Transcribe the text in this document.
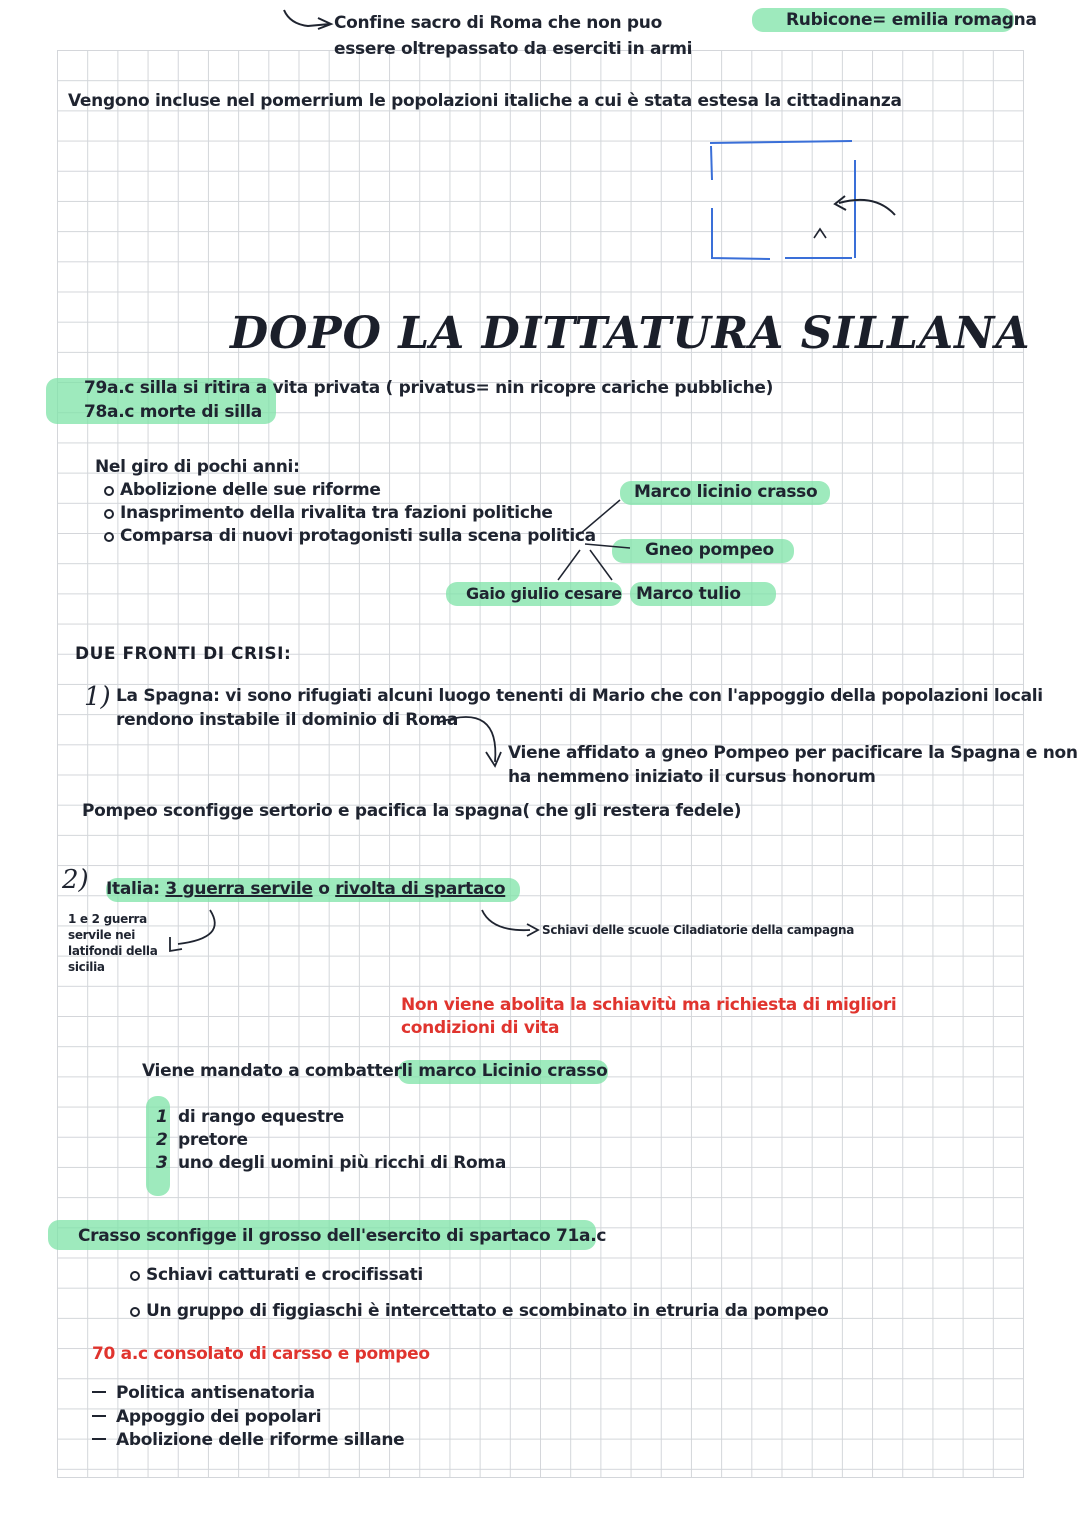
Confine sacro di Roma che non puo
essere oltrepassato da eserciti in armi
Rubicone= emilia romagna
Vengono incluse nel pomerrium le popolazioni italiche a cui è stata estesa la cittadinanza
DOPO LA DITTATURA SILLANA
79a.c silla si ritira a vita privata ( privatus= nin ricopre cariche pubbliche)
78a.c morte di silla
Nel giro di pochi anni:
Abolizione delle sue riforme
Inasprimento della rivalita tra fazioni politiche
Comparsa di nuovi protagonisti sulla scena politica
Marco licinio crasso
Gneo pompeo
Gaio giulio cesare Marco tulio
DUE FRONTI DI CRISI:
1) La Spagna: vi sono rifugiati alcuni luogo tenenti di Mario che con l'appoggio della popolazioni locali
rendono instabile il dominio di Roma
Viene affidato a gneo Pompeo per pacificare la Spagna e non
ha nemmeno iniziato il cursus honorum
Pompeo sconfigge sertorio e pacifica la spagna( che gli restera fedele)
2) Italia: 3 guerra servile o rivolta di spartaco
1 e 2 guerra
servile nei
latifondi della
sicilia
Schiavi delle scuole Ciladiatorie della campagna
Non viene abolita la schiavitù ma richiesta di migliori
condizioni di vita
Viene mandato a combatterli marco Licinio crasso
1 di rango equestre
2 pretore
3 uno degli uomini più ricchi di Roma
Crasso sconfigge il grosso dell'esercito di spartaco 71a.c
Schiavi catturati e crocifissati
Un gruppo di figgiaschi è intercettato e scombinato in etruria da pompeo
70 a.c consolato di carsso e pompeo
Politica antisenatoria
Appoggio dei popolari
Abolizione delle riforme sillane
